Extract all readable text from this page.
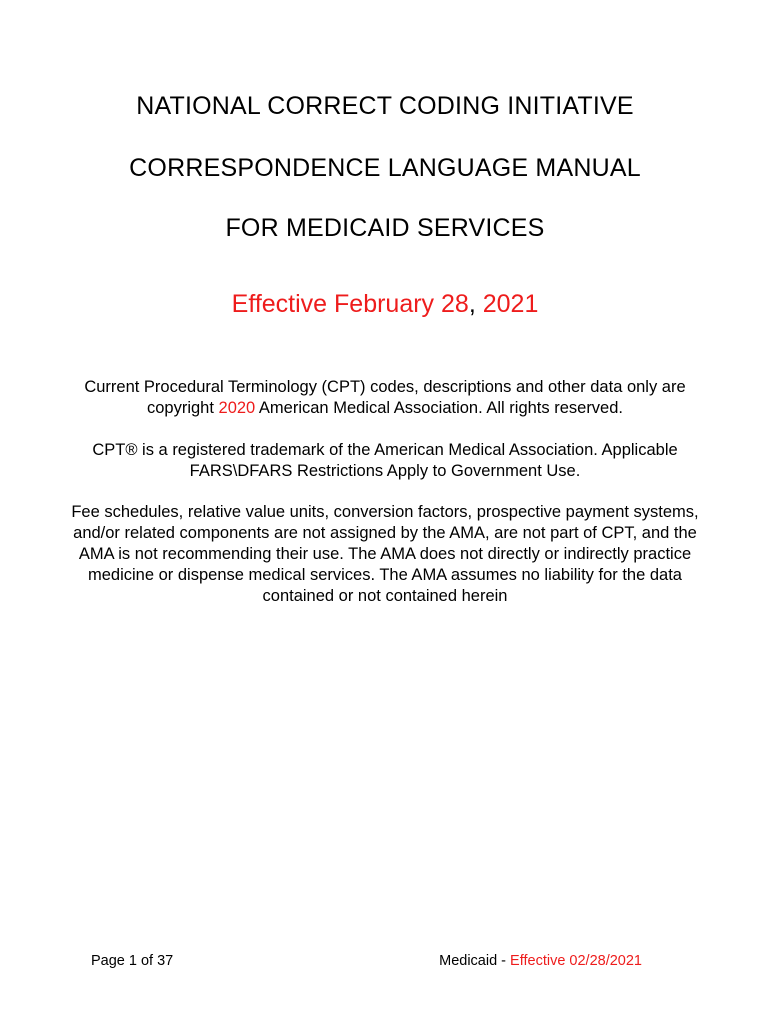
NATIONAL CORRECT CODING INITIATIVE
CORRESPONDENCE LANGUAGE MANUAL
FOR MEDICAID SERVICES
Effective February 28, 2021
Current Procedural Terminology (CPT) codes, descriptions and other data only are copyright 2020 American Medical Association. All rights reserved.
CPT® is a registered trademark of the American Medical Association. Applicable FARS\DFARS Restrictions Apply to Government Use.
Fee schedules, relative value units, conversion factors, prospective payment systems, and/or related components are not assigned by the AMA, are not part of CPT, and the AMA is not recommending their use. The AMA does not directly or indirectly practice medicine or dispense medical services. The AMA assumes no liability for the data contained or not contained herein
Page 1 of 37	Medicaid - Effective 02/28/2021
